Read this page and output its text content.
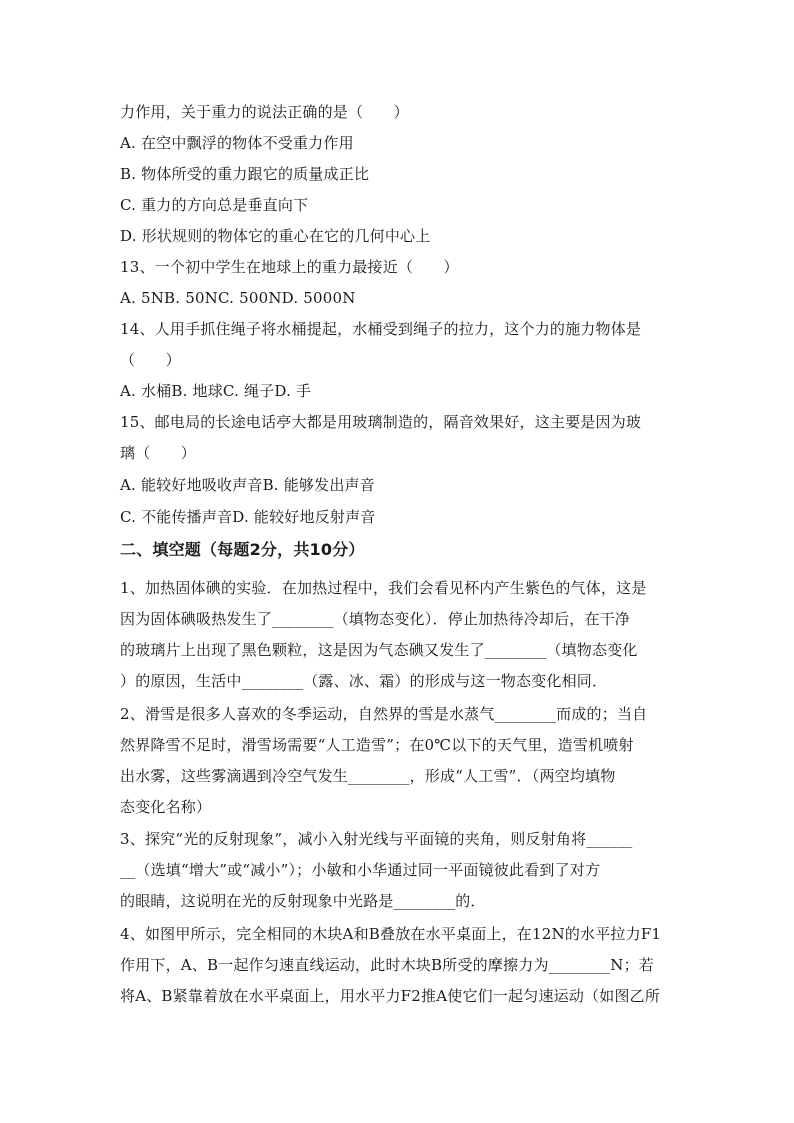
力作用，关于重力的说法正确的是（　　）
A. 在空中飘浮的物体不受重力作用
B. 物体所受的重力跟它的质量成正比
C. 重力的方向总是垂直向下
D. 形状规则的物体它的重心在它的几何中心上
13、一个初中学生在地球上的重力最接近（　　）
A. 5NB. 50NC. 500ND. 5000N
14、人用手抓住绳子将水桶提起，水桶受到绳子的拉力，这个力的施力物体是
（　　）
A. 水桶B. 地球C. 绳子D. 手
15、邮电局的长途电话亭大都是用玻璃制造的，隔音效果好，这主要是因为玻
璃（　　）
A. 能较好地吸收声音B. 能够发出声音
C. 不能传播声音D. 能较好地反射声音
二、填空题（每题2分，共10分）
1、加热固体碘的实验．在加热过程中，我们会看见杯内产生紫色的气体，这是
因为固体碘吸热发生了________（填物态变化）．停止加热待冷却后，在干净
的玻璃片上出现了黑色颗粒，这是因为气态碘又发生了________（填物态变化
）的原因，生活中________（露、冰、霜）的形成与这一物态变化相同．
2、滑雪是很多人喜欢的冬季运动，自然界的雪是水蒸气________而成的；当自
然界降雪不足时，滑雪场需要“人工造雪”；在0℃以下的天气里，造雪机喷射
出水雾，这些雾滴遇到冷空气发生________，形成“人工雪”．（两空均填物
态变化名称）
3、探究“光的反射现象”，减小入射光线与平面镜的夹角，则反射角将______
__（选填“增大”或“减小”）；小敏和小华通过同一平面镜彼此看到了对方
的眼睛，这说明在光的反射现象中光路是________的．
4、如图甲所示，完全相同的木块A和B叠放在水平桌面上，在12N的水平拉力F1
作用下，A、B一起作匀速直线运动，此时木块B所受的摩擦力为________N；若
将A、B紧靠着放在水平桌面上，用水平力F2推A使它们一起匀速运动（如图乙所
